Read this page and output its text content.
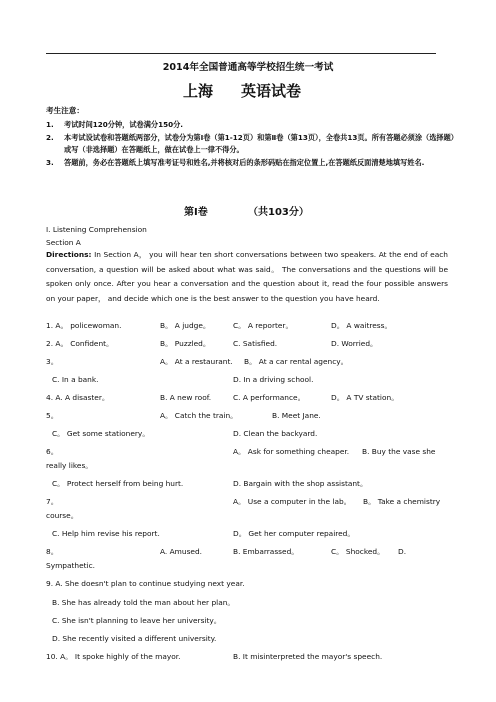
2014年全国普通高等学校招生统一考试
上海 英语试卷
考生注意：
1.	考试时间120分钟，试卷满分150分.
2.	本考试设试卷和答题纸两部分，试卷分为第Ⅰ卷（第1-12页）和第Ⅱ卷（第13页），全卷共13页。所有答题必须涂（选择题）或写（非选择题）在答题纸上，做在试卷上一律不得分。
3.	答题前，务必在答题纸上填写准考证号和姓名,并将核对后的条形码贴在指定位置上,在答题纸反面清楚地填写姓名.
第I卷	（共103分）
I. Listening Comprehension
Section A
Directions: In Section A， you will hear ten short conversations between two speakers. At the end of each conversation, a question will be asked about what was said。 The conversations and the questions will be spoken only once. After you hear a conversation and the question about it, read the four possible answers on your paper， and decide which one is the best answer to the question you have heard.
1. A。 policewoman.	B。 A judge。	C。 A reporter。	D。 A waitress。
2. A。 Confident。	B。 Puzzled。	C. Satisfied.	D. Worried。
3。	A。 At a restaurant. B。 At a car rental agency。
C. In a bank.	D. In a driving school.
4. A. A disaster。	B. A new roof.	C. A performance。	D。 A TV station。
5。	A。 Catch the train。	B. Meet Jane.
C。 Get some stationery。	D. Clean the backyard.
6。	A。 Ask for something cheaper. B. Buy the vase she
really likes。
C。 Protect herself from being hurt.	D. Bargain with the shop assistant。
7。	A。 Use a computer in the lab。 B。 Take a chemistry
course。
C. Help him revise his report.	D。 Get her computer repaired。
8。	A. Amused.	B. Embarrassed。	C。 Shocked。 D.
Sympathetic.
9. A. She doesn't plan to continue studying next year.
B. She has already told the man about her plan。
C. She isn't planning to leave her university。
D. She recently visited a different university.
10. A。 It spoke highly of the mayor.	B. It misinterpreted the mayor's speech.
